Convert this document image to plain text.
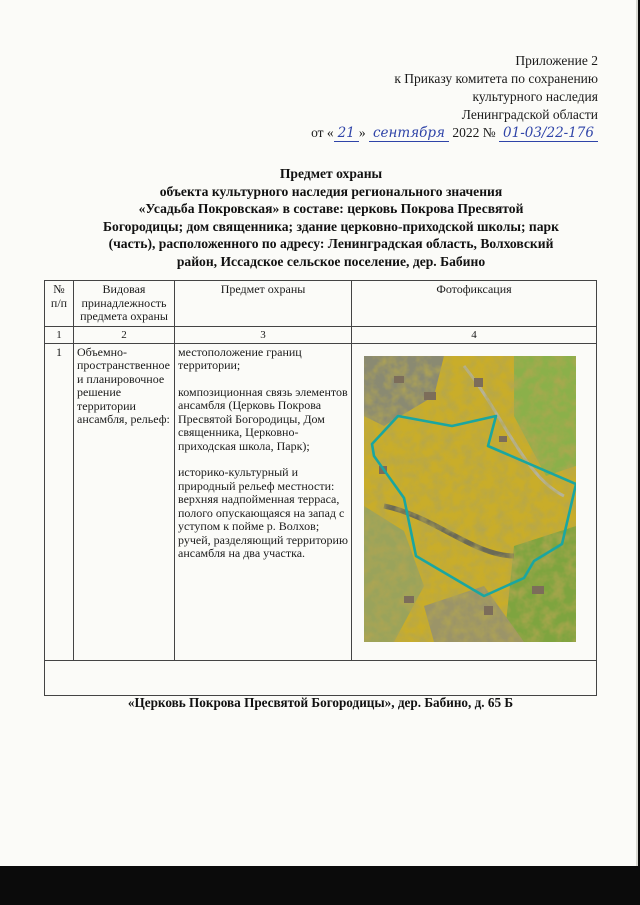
Приложение 2
к Приказу комитета по сохранению
культурного наследия
Ленинградской области
от « 21 » сентября 2022 № 01-03/22-176
Предмет охраны
объекта культурного наследия регионального значения
«Усадьба Покровская» в составе: церковь Покрова Пресвятой
Богородицы; дом священника; здание церковно-приходской школы; парк
(часть), расположенного по адресу: Ленинградская область, Волховский
район, Иссадское сельское поселение, дер. Бабино
№ п/п	Видовая принадлежность предмета охраны	Предмет охраны	Фотофиксация
1	2	3	4
1	Объемно-пространственное и планировочное решение территории ансамбля, рельеф:	местоположение границ территории;
композиционная связь элементов ансамбля (Церковь Покрова Пресвятой Богородицы, Дом священника, Церковно-приходская школа, Парк);
историко-культурный и природный рельеф местности: верхняя надпойменная терраса, полого опускающаяся на запад с уступом к пойме р. Волхов; ручей, разделяющий территорию ансамбля на два участка.

«Церковь Покрова Пресвятой Богородицы», дер. Бабино, д. 65 Б
